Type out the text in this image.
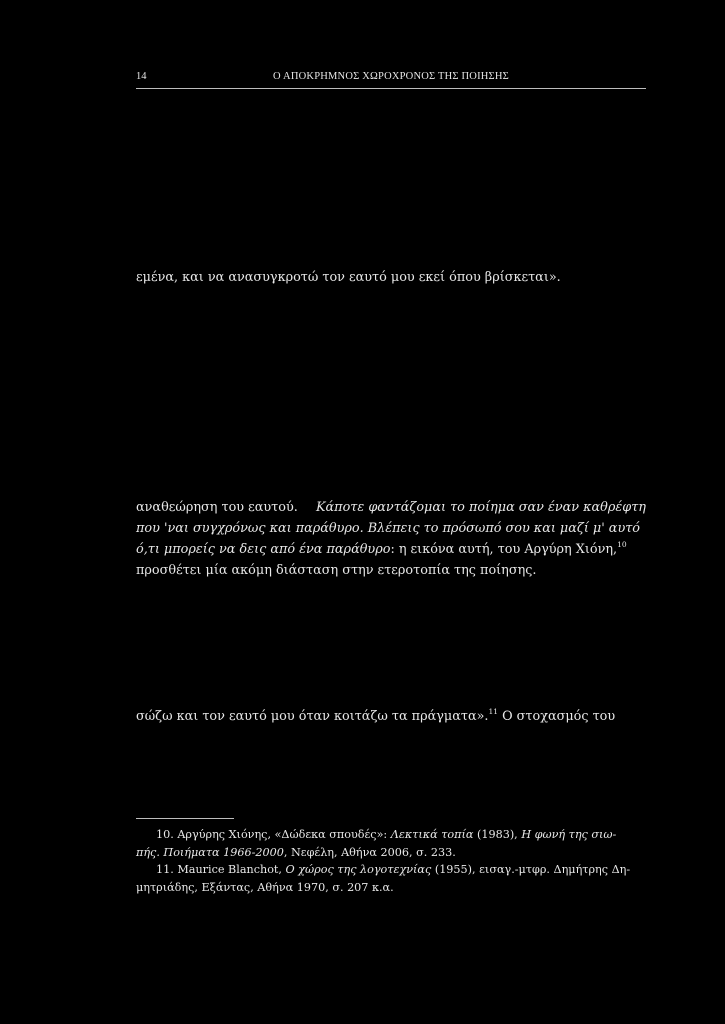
14	Ο ΑΠΟΚΡΗΜΝΟΣ ΧΩΡΟΧΡΟΝΟΣ ΤΗΣ ΠΟΙΗΣΗΣ
εμένα, και να ανασυγκροτώ τον εαυτό μου εκεί όπου βρίσκεται».
αναθεώρηση του εαυτού.
Κάποτε φαντάζομαι το ποίημα σαν έναν καθρέφτη
που 'ναι συγχρόνως και παράθυρο. Βλέπεις το πρόσωπό σου και μαζί μ' αυτό
ό,τι μπορείς να δεις από ένα παράθυρο: η εικόνα αυτή, του Αργύρη Χιόνη,$^{10}$
προσθέτει μία ακόμη διάσταση στην ετεροτοπία της ποίησης.
σώζω και τον εαυτό μου όταν κοιτάζω τα πράγματα».$^{11}$ Ο στοχασμός του
10. Αργύρης Χιόνης, «Δώδεκα σπουδές»: Λεκτικά τοπία (1983), Η φωνή της σιω-
πής. Ποιήματα 1966-2000, Νεφέλη, Αθήνα 2006, σ. 233.
11. Maurice Blanchot, Ο χώρος της λογοτεχνίας (1955), εισαγ.-μτφρ. Δημήτρης Δη-
μητριάδης, Εξάντας, Αθήνα 1970, σ. 207 κ.α.
